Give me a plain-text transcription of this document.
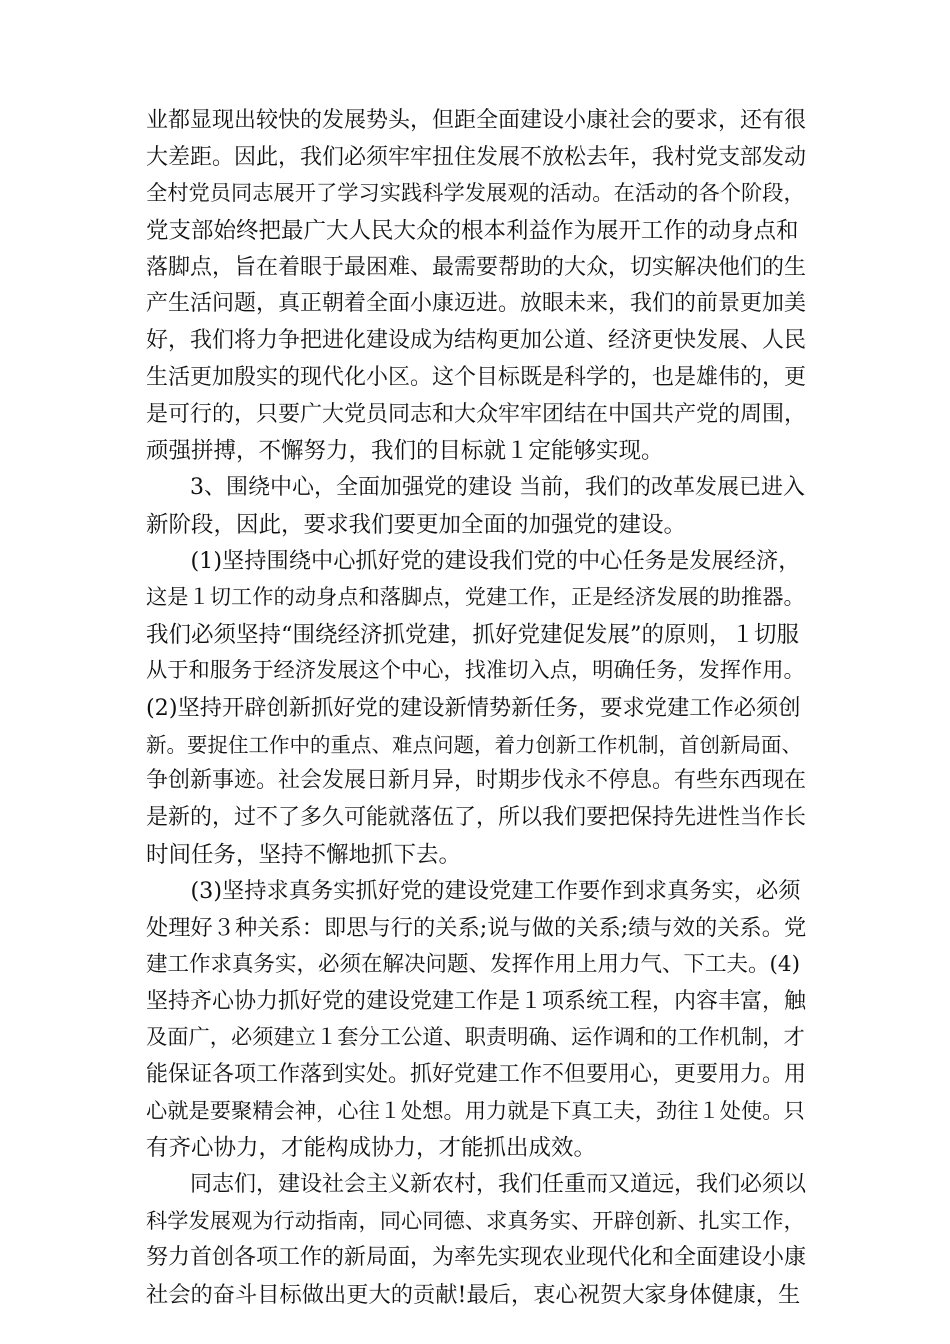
业都显现出较快的发展势头，但距全面建设小康社会的要求，还有很
大差距。因此，我们必须牢牢扭住发展不放松去年，我村党支部发动
全村党员同志展开了学习实践科学发展观的活动。在活动的各个阶段，
党支部始终把最广大人民大众的根本利益作为展开工作的动身点和
落脚点，旨在着眼于最困难、最需要帮助的大众，切实解决他们的生
产生活问题，真正朝着全面小康迈进。放眼未来，我们的前景更加美
好，我们将力争把进化建设成为结构更加公道、经济更快发展、人民
生活更加殷实的现代化小区。这个目标既是科学的，也是雄伟的，更
是可行的，只要广大党员同志和大众牢牢团结在中国共产党的周围，
顽强拼搏，不懈努力，我们的目标就１定能够实现。
　　3、围绕中心，全面加强党的建设 当前，我们的改革发展已进入
新阶段，因此，要求我们要更加全面的加强党的建设。
　　(1)坚持围绕中心抓好党的建设我们党的中心任务是发展经济，
这是１切工作的动身点和落脚点，党建工作，正是经济发展的助推器。
我们必须坚持“围绕经济抓党建，抓好党建促发展”的原则，１切服
从于和服务于经济发展这个中心，找准切入点，明确任务，发挥作用。
(2)坚持开辟创新抓好党的建设新情势新任务，要求党建工作必须创
新。要捉住工作中的重点、难点问题，着力创新工作机制，首创新局面、
争创新事迹。社会发展日新月异，时期步伐永不停息。有些东西现在
是新的，过不了多久可能就落伍了，所以我们要把保持先进性当作长
时间任务，坚持不懈地抓下去。
　　(3)坚持求真务实抓好党的建设党建工作要作到求真务实，必须
处理好３种关系：即思与行的关系;说与做的关系;绩与效的关系。党
建工作求真务实，必须在解决问题、发挥作用上用力气、下工夫。(4)
坚持齐心协力抓好党的建设党建工作是１项系统工程，内容丰富，触
及面广，必须建立１套分工公道、职责明确、运作调和的工作机制，才
能保证各项工作落到实处。抓好党建工作不但要用心，更要用力。用
心就是要聚精会神，心往１处想。用力就是下真工夫，劲往１处使。只
有齐心协力，才能构成协力，才能抓出成效。
　　同志们，建设社会主义新农村，我们任重而又道远，我们必须以
科学发展观为行动指南，同心同德、求真务实、开辟创新、扎实工作，
努力首创各项工作的新局面，为率先实现农业现代化和全面建设小康
社会的奋斗目标做出更大的贡献!最后，衷心祝贺大家身体健康，生
